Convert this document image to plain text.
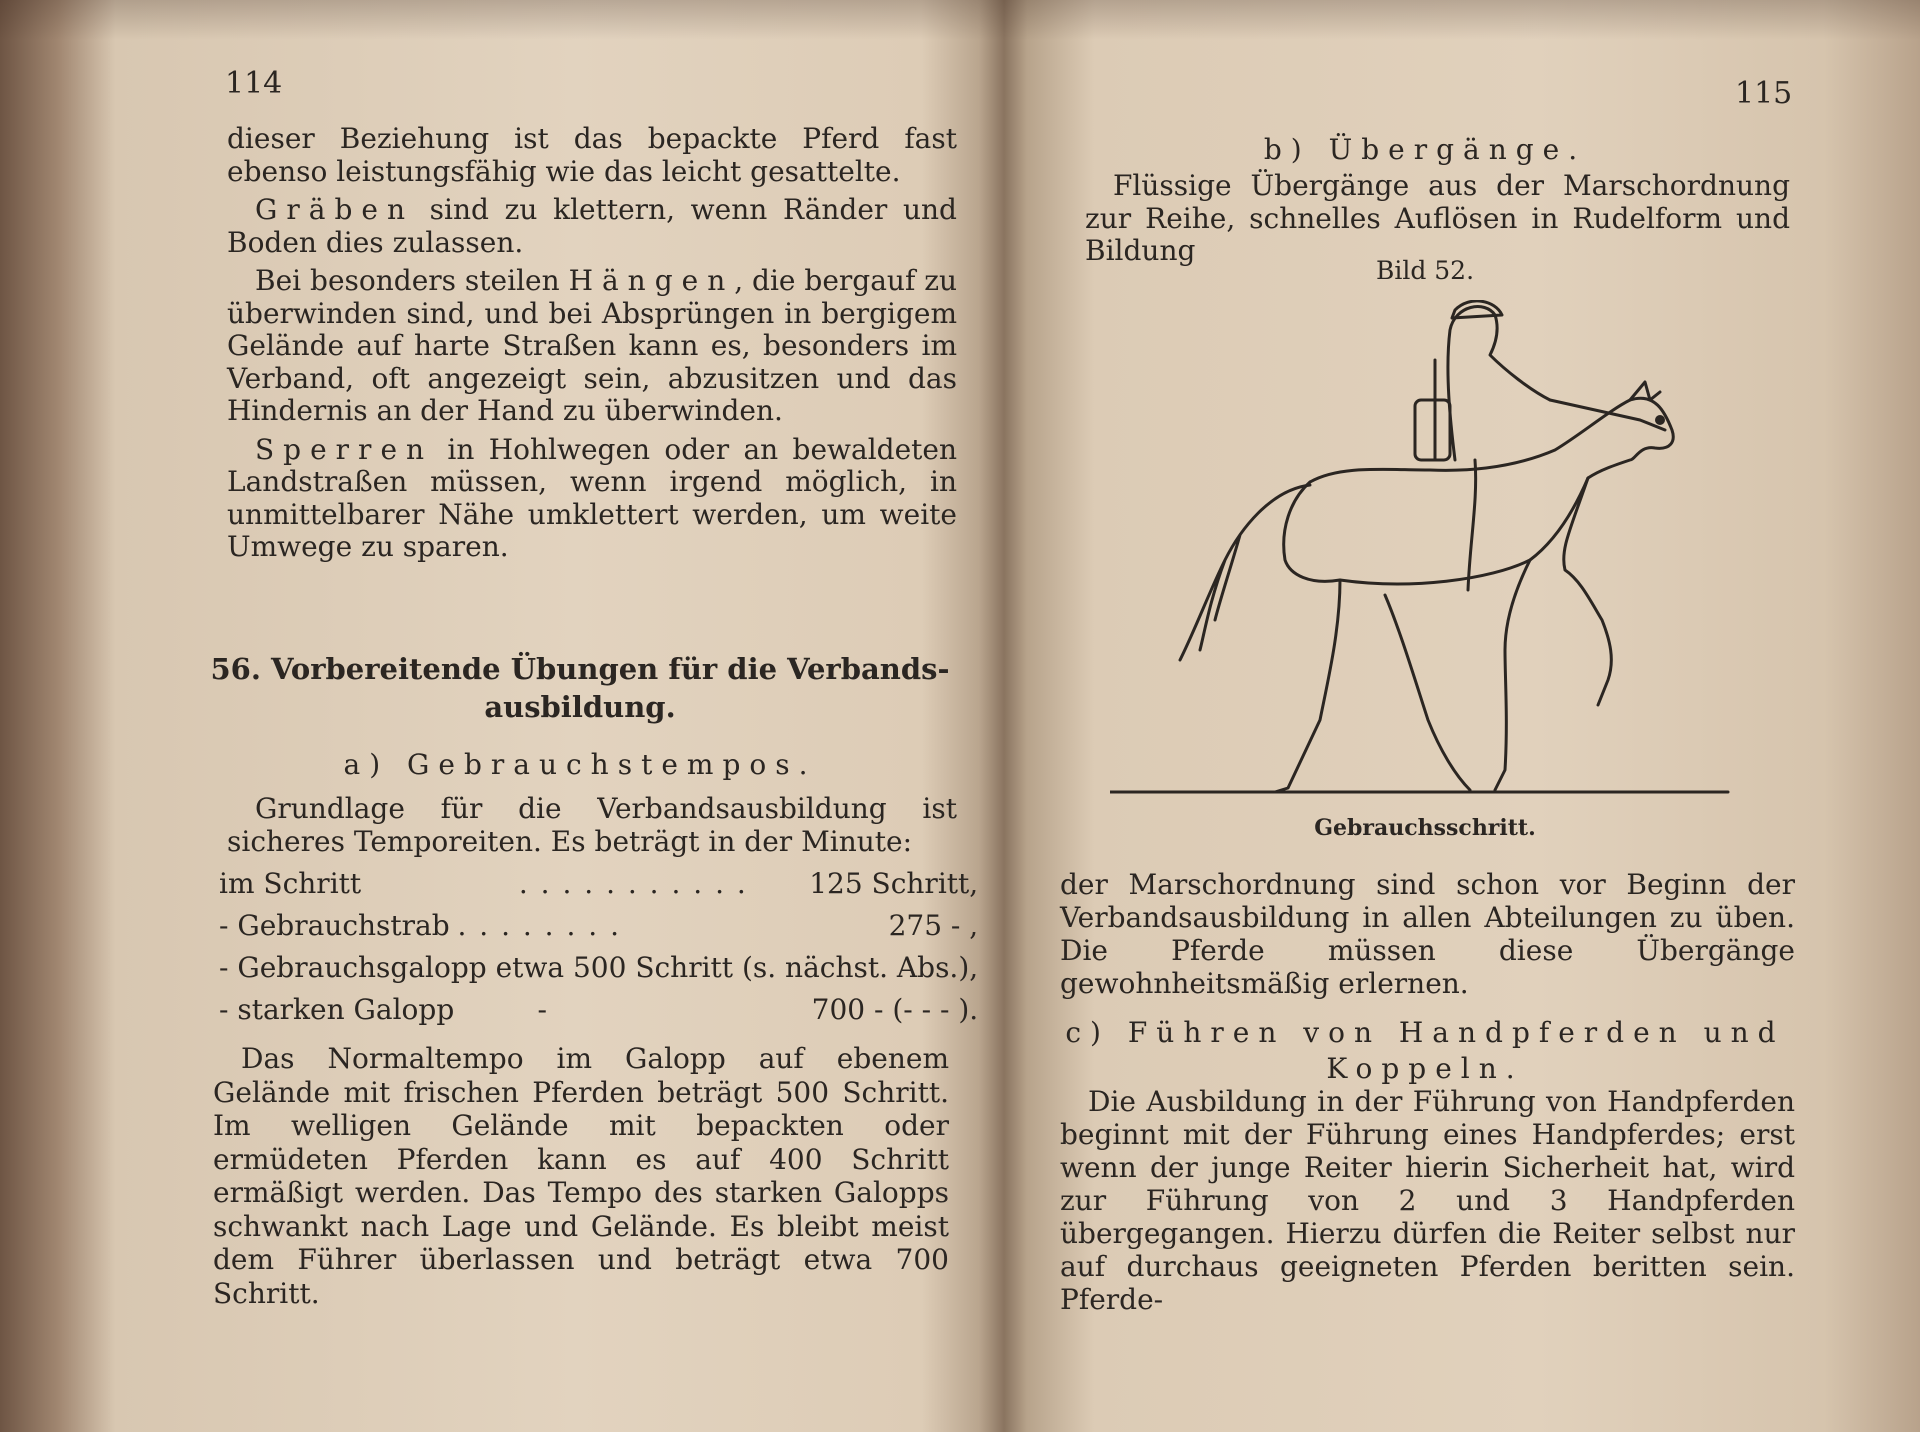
114

dieser Beziehung ist das bepackte Pferd fast ebenso leistungsfähig wie das leicht gesattelte.

Gräben sind zu klettern, wenn Ränder und Boden dies zulassen.

Bei besonders steilen Hängen, die bergauf zu überwinden sind, und bei Absprüngen in bergigem Gelände auf harte Straßen kann es, besonders im Verband, oft angezeigt sein, abzusitzen und das Hindernis an der Hand zu überwinden.

Sperren in Hohlwegen oder an bewaldeten Landstraßen müssen, wenn irgend möglich, in unmittelbarer Nähe umklettert werden, um weite Umwege zu sparen.

56. Vorbereitende Übungen für die Verbands-
ausbildung.
a) Gebrauchstempos.
Grundlage für die Verbandsausbildung ist sicheres Temporeiten. Es beträgt in der Minute:
im Schritt	. . . . . . . . . . .	125 Schritt,
- Gebrauchstrab	. . . . . . . .	275 - ,
- Gebrauchsgalopp etwa 500 Schritt (s. nächst. Abs.),		
- starken Galopp	-	700 - (- - - ).
Das Normaltempo im Galopp auf ebenem Gelände mit frischen Pferden beträgt 500 Schritt. Im welligen Gelände mit bepackten oder ermüdeten Pferden kann es auf 400 Schritt ermäßigt werden. Das Tempo des starken Galopps schwankt nach Lage und Gelände. Es bleibt meist dem Führer überlassen und beträgt etwa 700 Schritt.
115
b) Übergänge.
Flüssige Übergänge aus der Marschordnung zur Reihe, schnelles Auflösen in Rudelform und Bildung
Bild 52.
Gebrauchsschritt.
der Marschordnung sind schon vor Beginn der Verbandsausbildung in allen Abteilungen zu üben. Die Pferde müssen diese Übergänge gewohnheitsmäßig erlernen.
c) Führen von Handpferden und
Koppeln.
Die Ausbildung in der Führung von Handpferden beginnt mit der Führung eines Handpferdes; erst wenn der junge Reiter hierin Sicherheit hat, wird zur Führung von 2 und 3 Handpferden übergegangen. Hierzu dürfen die Reiter selbst nur auf durchaus geeigneten Pferden beritten sein. Pferde-
